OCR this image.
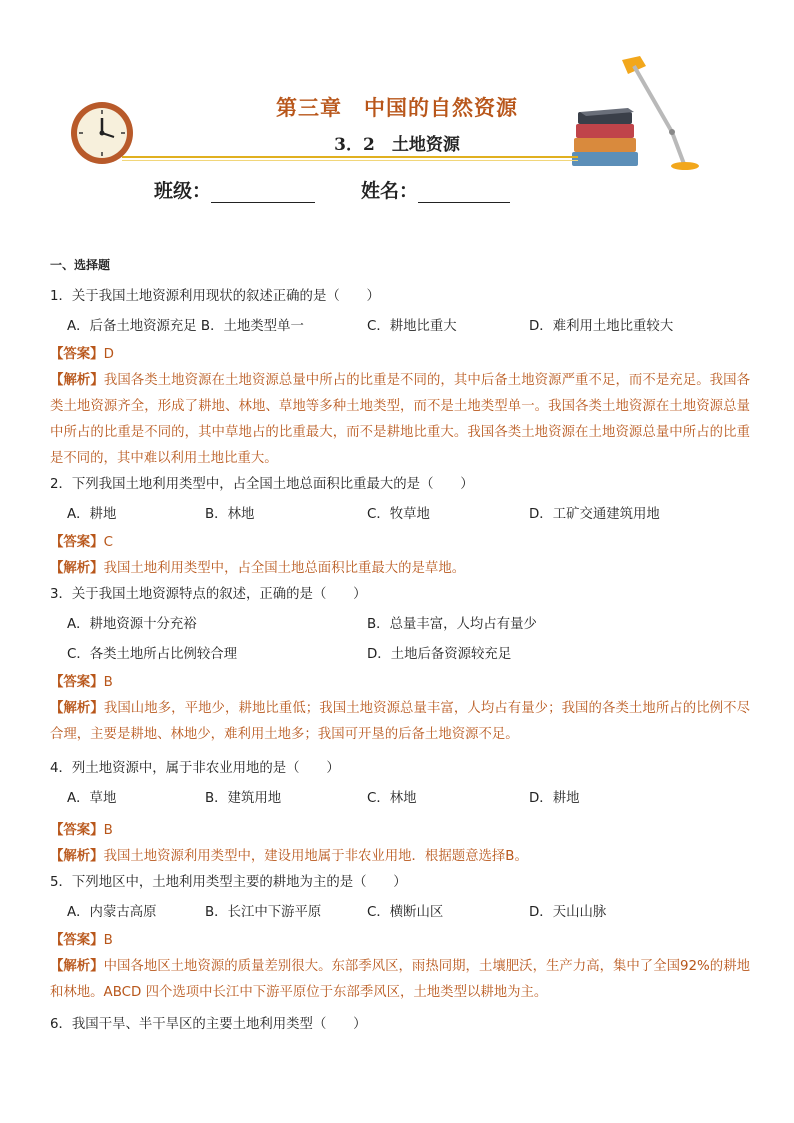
第三章　中国的自然资源
3．2　土地资源
班级：	姓名：
一、选择题

1．关于我国土地资源利用现状的叙述正确的是（　　）

A．后备土地资源充足 B．土地类型单一	C．耕地比重大	D．难利用土地比重较大
【答案】D
【解析】我国各类土地资源在土地资源总量中所占的比重是不同的，其中后备土地资源严重不足，而不是充足。我国各类土地资源齐全，形成了耕地、林地、草地等多种土地类型，而不是土地类型单一。我国各类土地资源在土地资源总量中所占的比重是不同的，其中草地占的比重最大，而不是耕地比重大。我国各类土地资源在土地资源总量中所占的比重是不同的，其中难以利用土地比重大。

2．下列我国土地利用类型中，占全国土地总面积比重最大的是（　　）

A．耕地	B．林地	C．牧草地	D．工矿交通建筑用地
【答案】C
【解析】我国土地利用类型中，占全国土地总面积比重最大的是草地。

3．关于我国土地资源特点的叙述，正确的是（　　）

A．耕地资源十分充裕	B．总量丰富，人均占有量少
C．各类土地所占比例较合理	D．土地后备资源较充足
【答案】B
【解析】我国山地多，平地少，耕地比重低；我国土地资源总量丰富，人均占有量少；我国的各类土地所占的比例不尽合理，主要是耕地、林地少，难利用土地多；我国可开垦的后备土地资源不足。

4．列土地资源中，属于非农业用地的是（　　）

A．草地	B．建筑用地	C．林地	D．耕地
【答案】B
【解析】我国土地资源利用类型中，建设用地属于非农业用地．根据题意选择B。

5．下列地区中，土地利用类型主要的耕地为主的是（　　）

A．内蒙古高原	B．长江中下游平原	C．横断山区	D．天山山脉
【答案】B
【解析】中国各地区土地资源的质量差别很大。东部季风区，雨热同期，土壤肥沃，生产力高，集中了全国92%的耕地和林地。ABCD 四个选项中长江中下游平原位于东部季风区，土地类型以耕地为主。

6．我国干旱、半干旱区的主要土地利用类型（　　）
